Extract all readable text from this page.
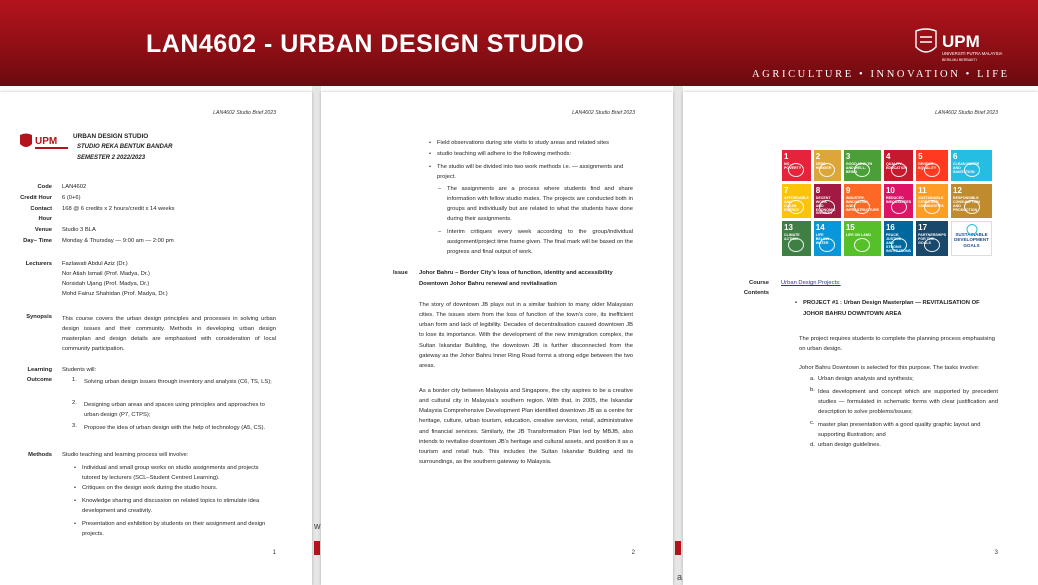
LAN4602 - URBAN DESIGN STUDIO	UPM
UNIVERSITI PUTRA MALAYSIA
BERILMU BERBAKTI
AGRICULTURE • INNOVATION • LIFE
w
a
LAN4602 Studio Brief 2023
UPM URBAN DESIGN STUDIO
STUDIO REKA BENTUK BANDAR
SEMESTER 2 2022/2023
Code LAN4602
Credit Hour 6 (0+6)
Contact 168 @ 6 credits x 2 hours/credit x 14 weeks
Hour
Venue Studio 3 BLA
Day– Time Monday & Thursday — 9:00 am — 2:00 pm
Lecturers Fazlawati Abdul Aziz (Dr.)
Nor Atiah Ismail (Prof. Madya, Dr.)
Norsidah Ujang (Prof. Madya, Dr.)
Mohd Fairuz Shahidan (Prof. Madya, Dr.)
Synopsis This course covers the urban design principles and processes in solving urban design issues and their community. Methods in developing urban design masterplan and design details are emphasised with consideration of local community participation.
Learning
Outcome
Students will:
1. Solving urban design issues through inventory and analysis (C6, TS, LS);
2. Designing urban areas and spaces using principles and approaches to urban design (P7, CTPS);
3. Propose the idea of urban design with the help of technology (A5, CS).
Methods Studio teaching and learning process will involve:
• Individual and small group works on studio assignments and projects tutored by lecturers (SCL–Student Centred Learning).
• Critiques on the design work during the studio hours.
• Knowledge sharing and discussion on related topics to stimulate idea development and creativity.
• Presentation and exhibition by students on their assignment and design projects.
1
LAN4602 Studio Brief 2023
• Field observations during site visits to study areas and related sites
• studio teaching will adhere to the following methods:
• The studio will be divided into two work methods i.e. — assignments and project.
– The assignments are a process where students find and share information with fellow studio mates. The projects are conducted both in groups and individually but are related to what the students have done during their assignments.
– Interim critiques every week according to the group/individual assignment/project time frame given. The final mark will be based on the progress and final output of work.
Issue Johor Bahru – Border City’s loss of function, identity and accessibility
Downtown Johor Bahru renewal and revitalisation
The story of downtown JB plays out in a similar fashion to many older Malaysian cities. The issues stem from the loss of function of the town’s core, its inefficient urban form and lack of legibility. Decades of decentralisation caused downtown JB to lose its importance. With the development of the new immigration complex, the Sultan Iskandar Building, the downtown JB is further disconnected from the gateway as the Johor Bahru Inner Ring Road forms a strong edge between the two areas.
As a border city between Malaysia and Singapore, the city aspires to be a creative and cultural city in Malaysia’s southern region. With that, in 2005, the Iskandar Malaysia Comprehensive Development Plan identified downtown JB as a centre for heritage, culture, urban tourism, education, creative services, retail, administrative and financial services. Similarly, the JB Transformation Plan led by MBJB, also intends to revitalise downtown JB’s heritage and cultural assets, and position it as a tourism and retail hub. This includes the Sultan Iskandar Building and its surroundings, as the southern gateway to Malaysia.
2
LAN4602 Studio Brief 2023
1
NO POVERTY
2
ZERO HUNGER
3
GOOD HEALTH AND WELL-BEING
4
QUALITY EDUCATION
5
GENDER EQUALITY
6
CLEAN WATER AND SANITATION
7
AFFORDABLE AND CLEAN ENERGY
8
DECENT WORK AND ECONOMIC GROWTH
9
INDUSTRY, INNOVATION AND INFRASTRUCTURE
10
REDUCED INEQUALITIES
11
SUSTAINABLE CITIES AND COMMUNITIES
12
RESPONSIBLE CONSUMPTION AND PRODUCTION
13
CLIMATE ACTION
14
LIFE BELOW WATER
15
LIFE ON LAND
16
PEACE, JUSTICE AND STRONG INSTITUTIONS
17
PARTNERSHIPS FOR THE GOALS
SUSTAINABLE DEVELOPMENT GOALS
Course
Contents
Urban Design Projects:
• PROJECT #1 : Urban Design Masterplan — REVITALISATION OF
JOHOR BAHRU DOWNTOWN AREA
The project requires students to complete the planning process emphasising on urban design.
Johor Bahru Downtown is selected for this purpose. The tasks involve:
a. Urban design analysis and synthesis;
b. Idea development and concept which are supported by precedent studies — formulated in schematic forms with clear justification and description to solve problems/issues;
c. master plan presentation with a good quality graphic layout and supporting illustration; and
d. urban design guidelines.
3
